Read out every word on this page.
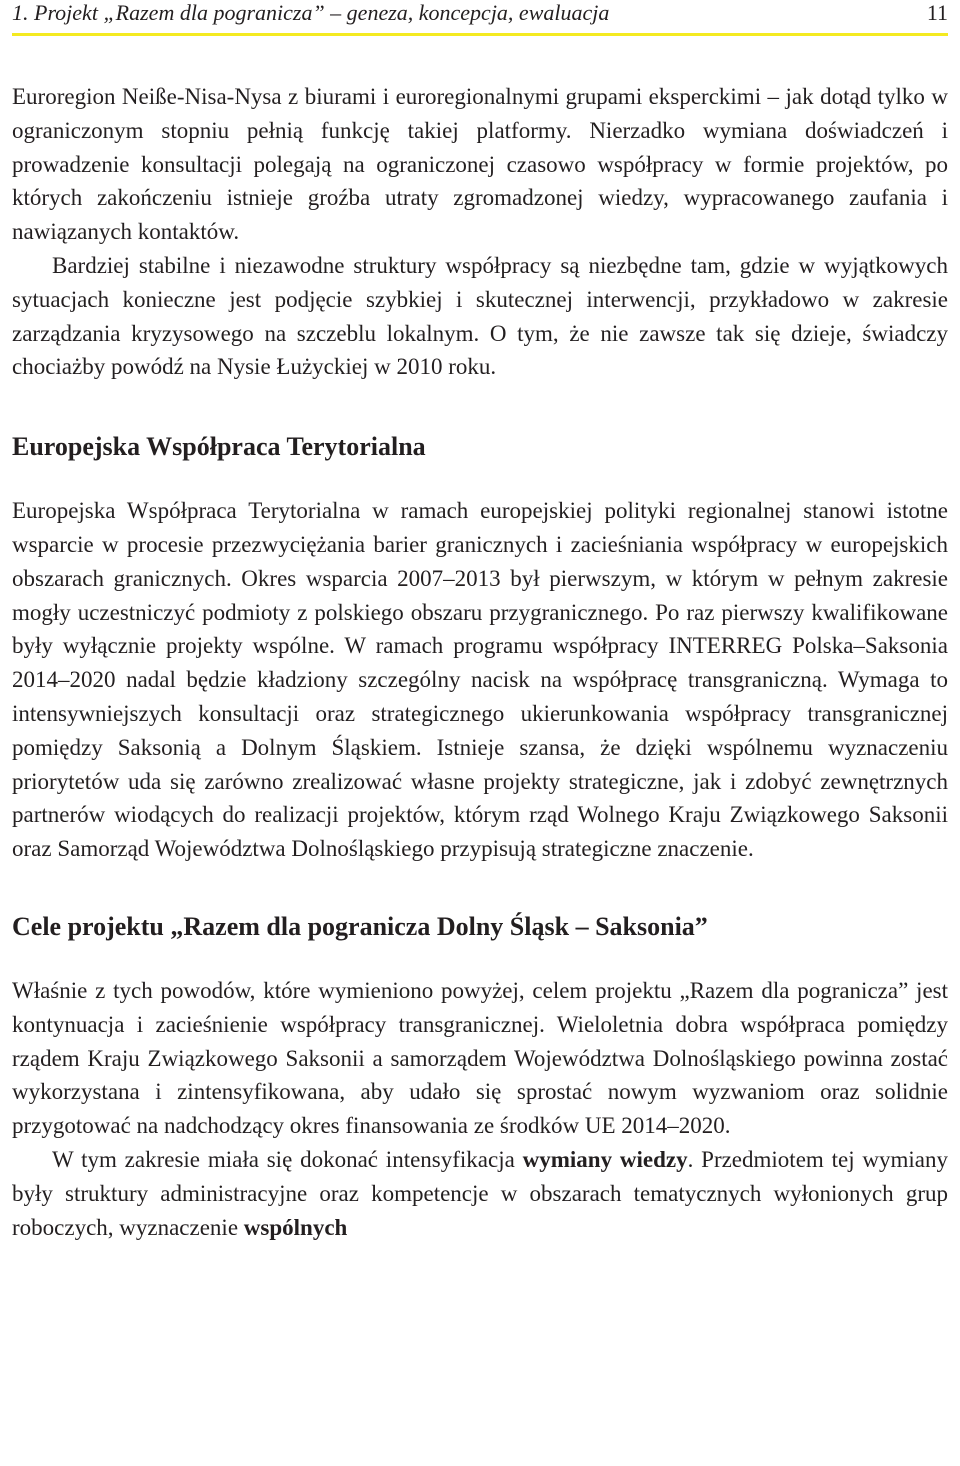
1. Projekt „Razem dla pogranicza” – geneza, koncepcja, ewaluacja	11

Euroregion Neiße-Nisa-Nysa z biurami i euroregionalnymi grupami eksperckimi – jak dotąd tylko w ograniczonym stopniu pełnią funkcję takiej platformy. Nierzadko wymiana doświadczeń i prowadzenie konsultacji polegają na ograniczonej czasowo współpracy w formie projektów, po których zakończeniu istnieje groźba utraty zgromadzonej wiedzy, wypracowanego zaufania i nawiązanych kontaktów.

Bardziej stabilne i niezawodne struktury współpracy są niezbędne tam, gdzie w wyjątkowych sytuacjach konieczne jest podjęcie szybkiej i skutecznej interwencji, przykładowo w zakresie zarządzania kryzysowego na szczeblu lokalnym. O tym, że nie zawsze tak się dzieje, świadczy chociażby powódź na Nysie Łużyckiej w 2010 roku.

Europejska Współpraca Terytorialna

Europejska Współpraca Terytorialna w ramach europejskiej polityki regionalnej stanowi istotne wsparcie w procesie przezwyciężania barier granicznych i zacieśniania współpracy w europejskich obszarach granicznych. Okres wsparcia 2007–2013 był pierwszym, w którym w pełnym zakresie mogły uczestniczyć podmioty z polskiego obszaru przygranicznego. Po raz pierwszy kwalifikowane były wyłącznie projekty wspólne. W ramach programu współpracy INTERREG Polska–Saksonia 2014–2020 nadal będzie kładziony szczególny nacisk na współpracę transgraniczną. Wymaga to intensywniejszych konsultacji oraz strategicznego ukierunkowania współpracy transgranicznej pomiędzy Saksonią a Dolnym Śląskiem. Istnieje szansa, że dzięki wspólnemu wyznaczeniu priorytetów uda się zarówno zrealizować własne projekty strategiczne, jak i zdobyć zewnętrznych partnerów wiodących do realizacji projektów, którym rząd Wolnego Kraju Związkowego Saksonii oraz Samorząd Województwa Dolnośląskiego przypisują strategiczne znaczenie.

Cele projektu „Razem dla pogranicza Dolny Śląsk – Saksonia”

Właśnie z tych powodów, które wymieniono powyżej, celem projektu „Razem dla pogranicza” jest kontynuacja i zacieśnienie współpracy transgranicznej. Wieloletnia dobra współpraca pomiędzy rządem Kraju Związkowego Saksonii a samorządem Województwa Dolnośląskiego powinna zostać wykorzystana i zintensyfikowana, aby udało się sprostać nowym wyzwaniom oraz solidnie przygotować na nadchodzący okres finansowania ze środków UE 2014–2020.

W tym zakresie miała się dokonać intensyfikacja wymiany wiedzy. Przedmiotem tej wymiany były struktury administracyjne oraz kompetencje w obszarach tematycznych wyłonionych grup roboczych, wyznaczenie wspólnych
